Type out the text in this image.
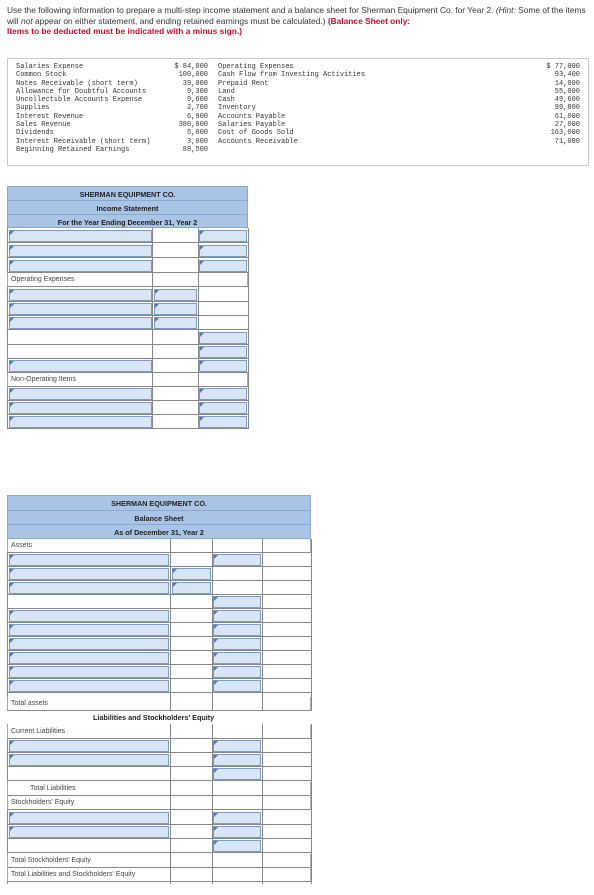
Use the following information to prepare a multi-step income statement and a balance sheet for Sherman Equipment Co. for Year 2. (Hint: Some of the items will not appear on either statement, and ending retained earnings must be calculated.) (Balance Sheet only:
Items to be deducted must be indicated with a minus sign.)
Salaries Expense
Common Stock
Notes Receivable (short term)
Allowance for Doubtful Accounts
Uncollectible Accounts Expense
Supplies
Interest Revenue
Sales Revenue
Dividends
Interest Receivable (short term)
Beginning Retained Earnings
$ 84,000
100,000
39,000
9,300
9,600
2,700
6,900
380,000
5,000
3,000
88,500
Operating Expenses
Cash Flow from Investing Activities
Prepaid Rent
Land
Cash
Inventory
Accounts Payable
Salaries Payable
Cost of Goods Sold
Accounts Receivable
$ 77,000
93,400
14,000
55,000
49,600
99,800
61,000
27,000
163,000
71,000
SHERMAN EQUIPMENT CO.
Income Statement
For the Year Ending December 31, Year 2
Operating Expenses
Non-Operating Items
SHERMAN EQUIPMENT CO.
Balance Sheet
As of December 31, Year 2
Assets
Total assets
Liabilities and Stockholders' Equity
Current Liabilities
Total Liabilities
Stockholders' Equity
Total Stockholders' Equity
Total Liabilities and Stockholders' Equity
